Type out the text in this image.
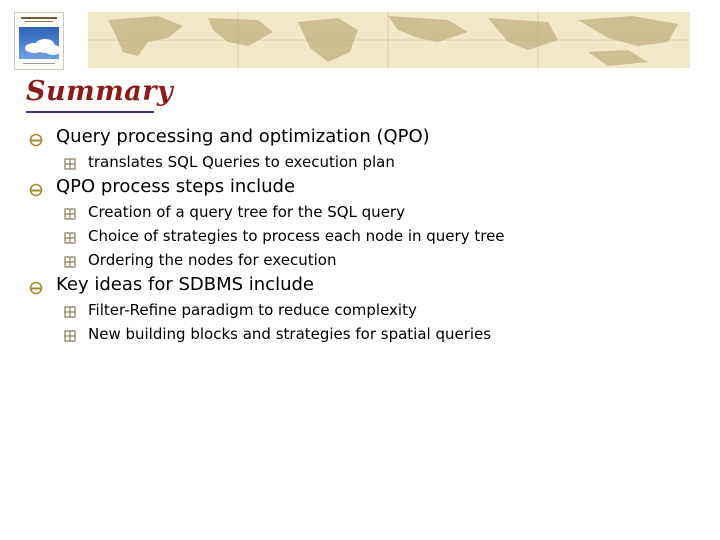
Summary
Query processing and optimization (QPO)
translates SQL Queries to execution plan
QPO process steps include
Creation of a query tree for the SQL query
Choice of strategies to process each node in query tree
Ordering the nodes for execution
Key ideas for SDBMS include
Filter-Refine paradigm to reduce complexity
New building blocks and strategies for spatial queries
